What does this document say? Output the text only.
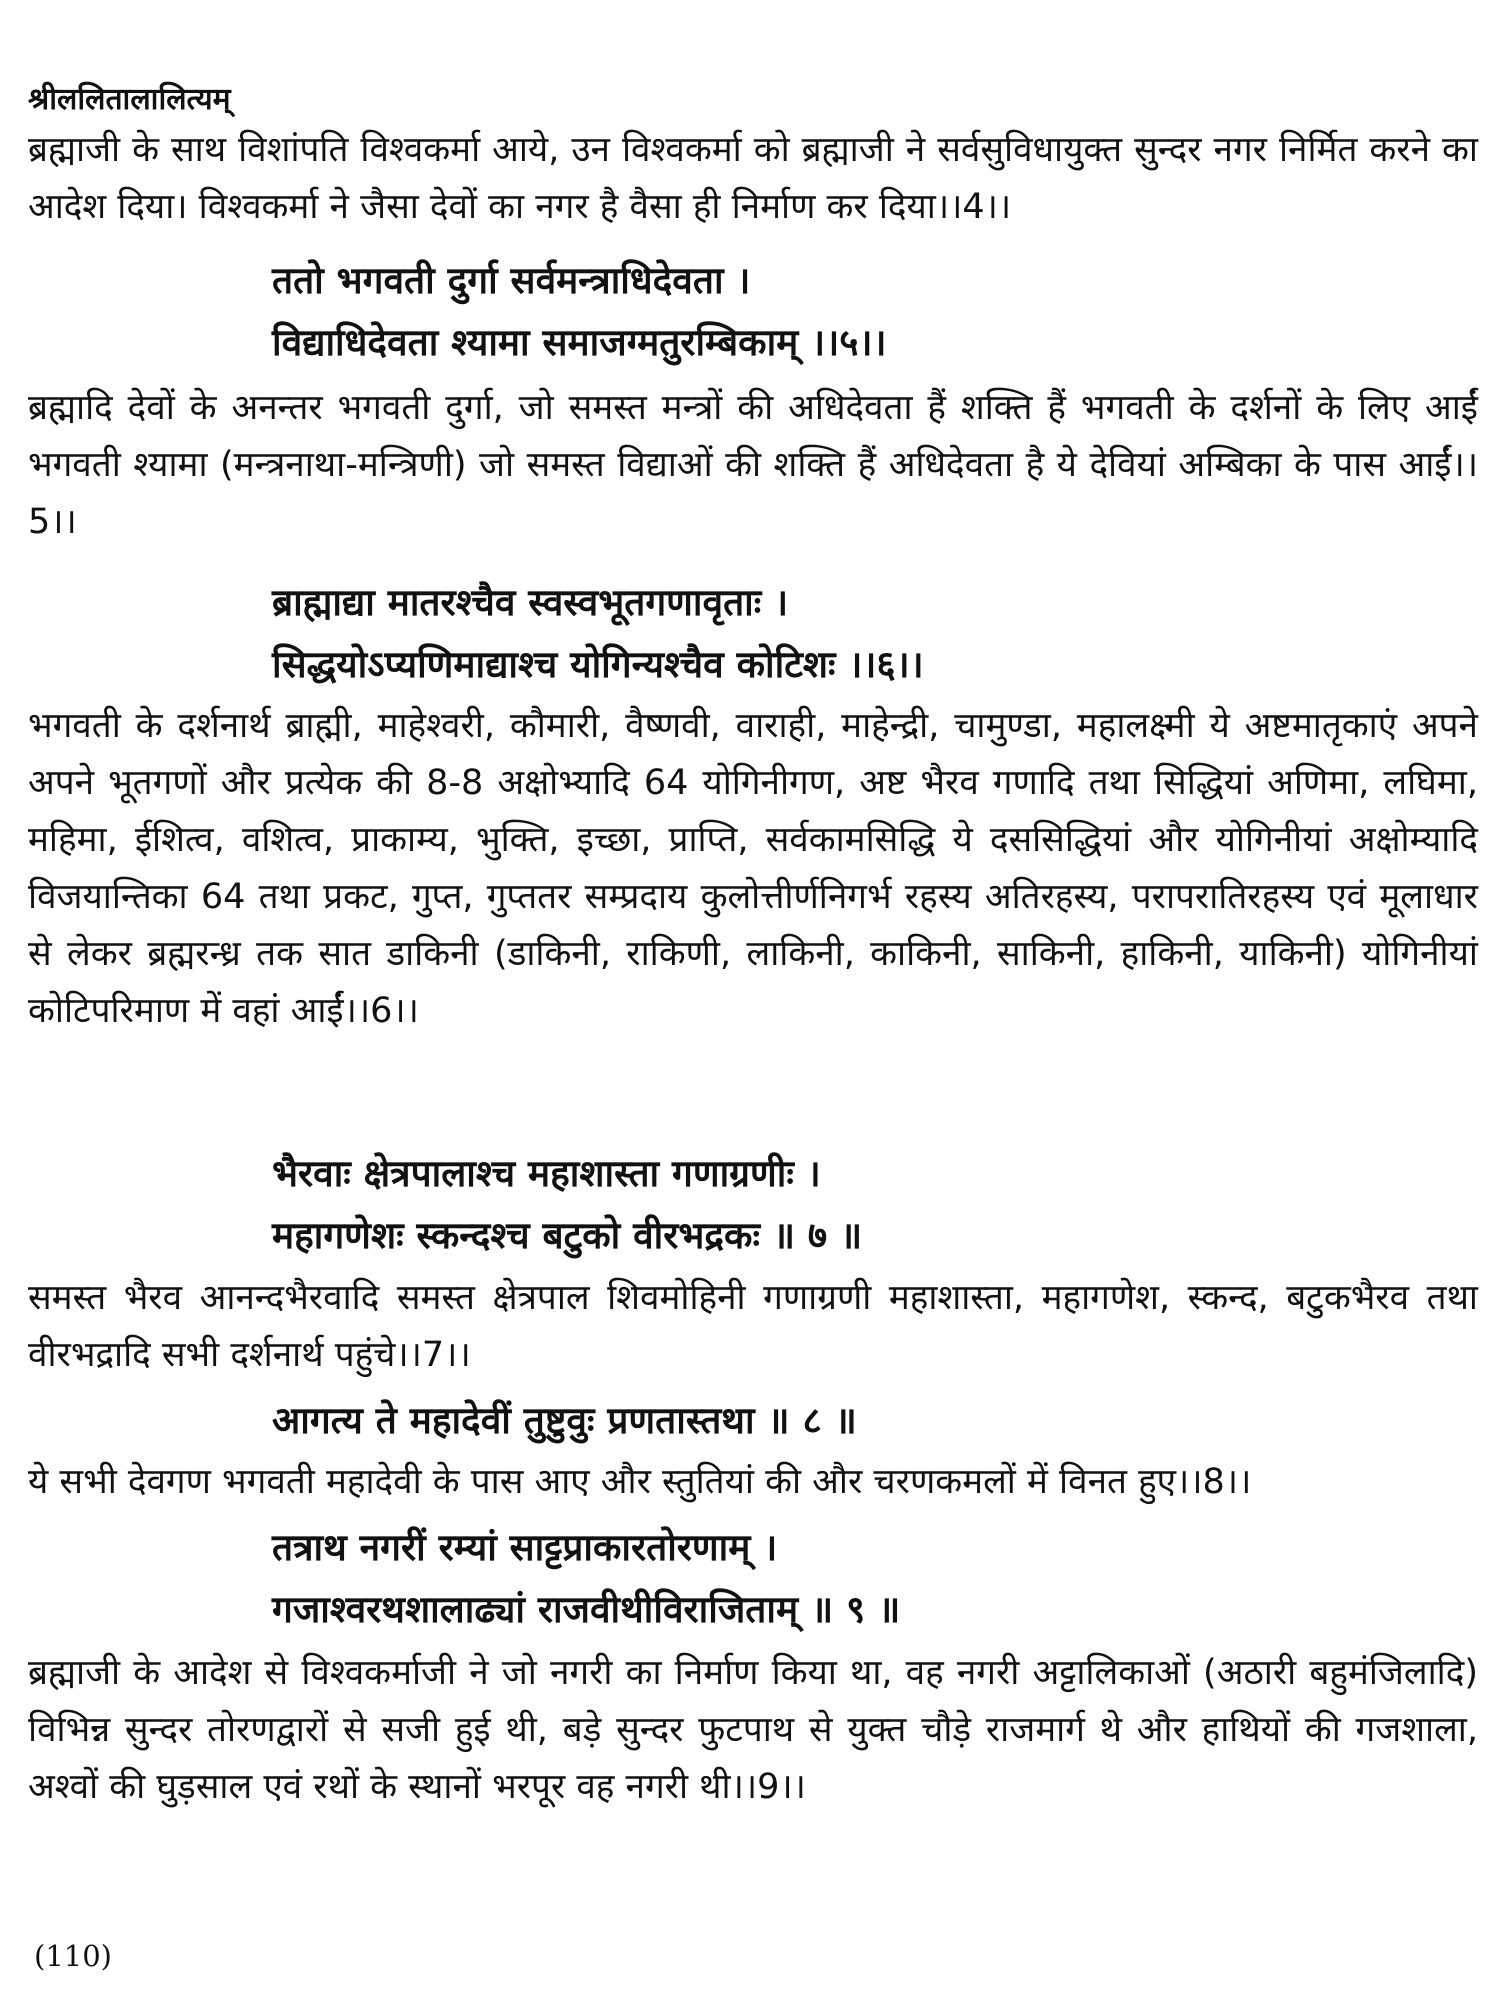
श्रीललितालालित्यम्
ब्रह्माजी के साथ विशांपति विश्वकर्मा आये, उन विश्वकर्मा को ब्रह्माजी ने सर्वसुविधायुक्त सुन्दर नगर निर्मित करने का आदेश दिया। विश्वकर्मा ने जैसा देवों का नगर है वैसा ही निर्माण कर दिया।।4।।
ततो भगवती दुर्गा सर्वमन्त्राधिदेवता ।
विद्याधिदेवता श्यामा समाजग्मतुरम्बिकाम् ।।५।।
ब्रह्मादि देवों के अनन्तर भगवती दुर्गा, जो समस्त मन्त्रों की अधिदेवता हैं शक्ति हैं भगवती के दर्शनों के लिए आईं भगवती श्यामा (मन्त्रनाथा-मन्त्रिणी) जो समस्त विद्याओं की शक्ति हैं अधिदेवता है ये देवियां अम्बिका के पास आईं।।5।।
ब्राह्माद्या मातरश्चैव स्वस्वभूतगणावृताः ।
सिद्धयोऽप्यणिमाद्याश्च योगिन्यश्चैव कोटिशः ।।६।।
भगवती के दर्शनार्थ ब्राह्मी, माहेश्वरी, कौमारी, वैष्णवी, वाराही, माहेन्द्री, चामुण्डा, महालक्ष्मी ये अष्टमातृकाएं अपने अपने भूतगणों और प्रत्येक की 8-8 अक्षोभ्यादि 64 योगिनीगण, अष्ट भैरव गणादि तथा सिद्धियां अणिमा, लघिमा, महिमा, ईशित्व, वशित्व, प्राकाम्य, भुक्ति, इच्छा, प्राप्ति, सर्वकामसिद्धि ये दससिद्धियां और योगिनीयां अक्षोम्यादि विजयान्तिका 64 तथा प्रकट, गुप्त, गुप्ततर सम्प्रदाय कुलोत्तीर्णनिगर्भ रहस्य अतिरहस्य, परापरातिरहस्य एवं मूलाधार से लेकर ब्रह्मरन्ध्र तक सात डाकिनी (डाकिनी, राकिणी, लाकिनी, काकिनी, साकिनी, हाकिनी, याकिनी) योगिनीयां कोटिपरिमाण में वहां आईं।।6।।
भैरवाः क्षेत्रपालाश्च महाशास्ता गणाग्रणीः ।
महागणेशः स्कन्दश्च बटुको वीरभद्रकः ॥ ७ ॥
समस्त भैरव आनन्दभैरवादि समस्त क्षेत्रपाल शिवमोहिनी गणाग्रणी महाशास्ता, महागणेश, स्कन्द, बटुकभैरव तथा वीरभद्रादि सभी दर्शनार्थ पहुंचे।।7।।
आगत्य ते महादेवीं तुष्टुवुः प्रणतास्तथा ॥ ८ ॥
ये सभी देवगण भगवती महादेवी के पास आए और स्तुतियां की और चरणकमलों में विनत हुए।।8।।
तत्राथ नगरीं रम्यां साट्टप्राकारतोरणाम् ।
गजाश्वरथशालाढ्यां राजवीथीविराजिताम् ॥ ९ ॥
ब्रह्माजी के आदेश से विश्वकर्माजी ने जो नगरी का निर्माण किया था, वह नगरी अट्टालिकाओं (अठारी बहुमंजिलादि) विभिन्न सुन्दर तोरणद्वारों से सजी हुई थी, बड़े सुन्दर फुटपाथ से युक्त चौड़े राजमार्ग थे और हाथियों की गजशाला, अश्वों की घुड़साल एवं रथों के स्थानों भरपूर वह नगरी थी।।9।।
(110)
